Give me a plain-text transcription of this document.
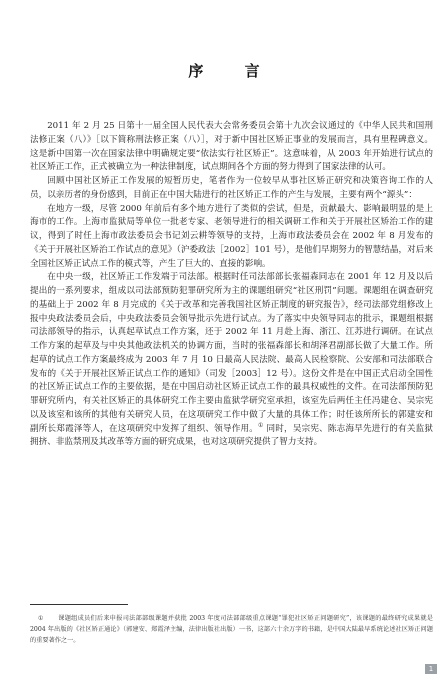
序 言

2011 年 2 月 25 日第十一届全国人民代表大会常务委员会第十九次会议通过的《中华人民共和国刑法修正案（八）》［以下简称刑法修正案（八）］，对于新中国社区矫正事业的发展而言，具有里程碑意义。这是新中国第一次在国家法律中明确规定要“依法实行社区矫正”。这意味着，从 2003 年开始进行试点的社区矫正工作，正式被确立为一种法律制度，试点期间各个方面的努力得到了国家法律的认可。

回顾中国社区矫正工作发展的短暂历史，笔者作为一位较早从事社区矫正研究和决策咨询工作的人员，以亲历者的身份感到，目前正在中国大陆进行的社区矫正工作的产生与发展，主要有两个“源头”：

在地方一级，尽管 2000 年前后有多个地方进行了类似的尝试，但是，贡献最大、影响最明显的是上海市的工作。上海市监狱局等单位一批老专家、老领导进行的相关调研工作和关于开展社区矫治工作的建议，得到了时任上海市政法委员会书记刘云耕等领导的支持，上海市政法委员会在 2002 年 8 月发布的《关于开展社区矫治工作试点的意见》（沪委政法［2002］101 号），是他们早期努力的智慧结晶，对后来全国社区矫正试点工作的模式等，产生了巨大的、直接的影响。

在中央一级，社区矫正工作发端于司法部。根据时任司法部部长张福森同志在 2001 年 12 月及以后提出的一系列要求，组成以司法部预防犯罪研究所为主的课题组研究“社区刑罚”问题。课题组在调查研究的基础上于 2002 年 8 月完成的《关于改革和完善我国社区矫正制度的研究报告》，经司法部党组修改上报中央政法委员会后，中央政法委员会领导批示先进行试点。为了落实中央领导同志的批示，课题组根据司法部领导的指示，认真起草试点工作方案，还于 2002 年 11 月赴上海、浙江、江苏进行调研。在试点工作方案的起草及与中央其他政法机关的协调方面，当时的张福森部长和胡泽君副部长做了大量工作。所起草的试点工作方案最终成为 2003 年 7 月 10 日最高人民法院、最高人民检察院、公安部和司法部联合发布的《关于开展社区矫正试点工作的通知》（司发［2003］12 号）。这份文件是在中国正式启动全国性的社区矫正试点工作的主要依据，是在中国启动社区矫正试点工作的最具权威性的文件。在司法部预防犯罪研究所内，有关社区矫正的具体研究工作主要由监狱学研究室承担，该室先后两任主任冯建仓、吴宗宪以及该室和该所的其他有关研究人员，在这项研究工作中做了大量的具体工作；时任该所所长的郭建安和副所长郑霞泽等人，在这项研究中发挥了组织、领导作用。① 同时，吴宗宪、陈志海早先进行的有关监狱拥挤、非监禁刑及其改革等方面的研究成果，也对这项研究提供了智力支持。

① 课题组成员们后来申报司法部部级课题并获批 2003 年度司法部部级重点课题“罪犯社区矫正问题研究”，该课题的最终研究成果就是 2004 年出版的《社区矫正通论》（郭建安、郑霞泽主编，法律出版社出版）一书，这部六十余万字的书籍，是中国大陆最早系统论述社区矫正问题的重要著作之一。
1
